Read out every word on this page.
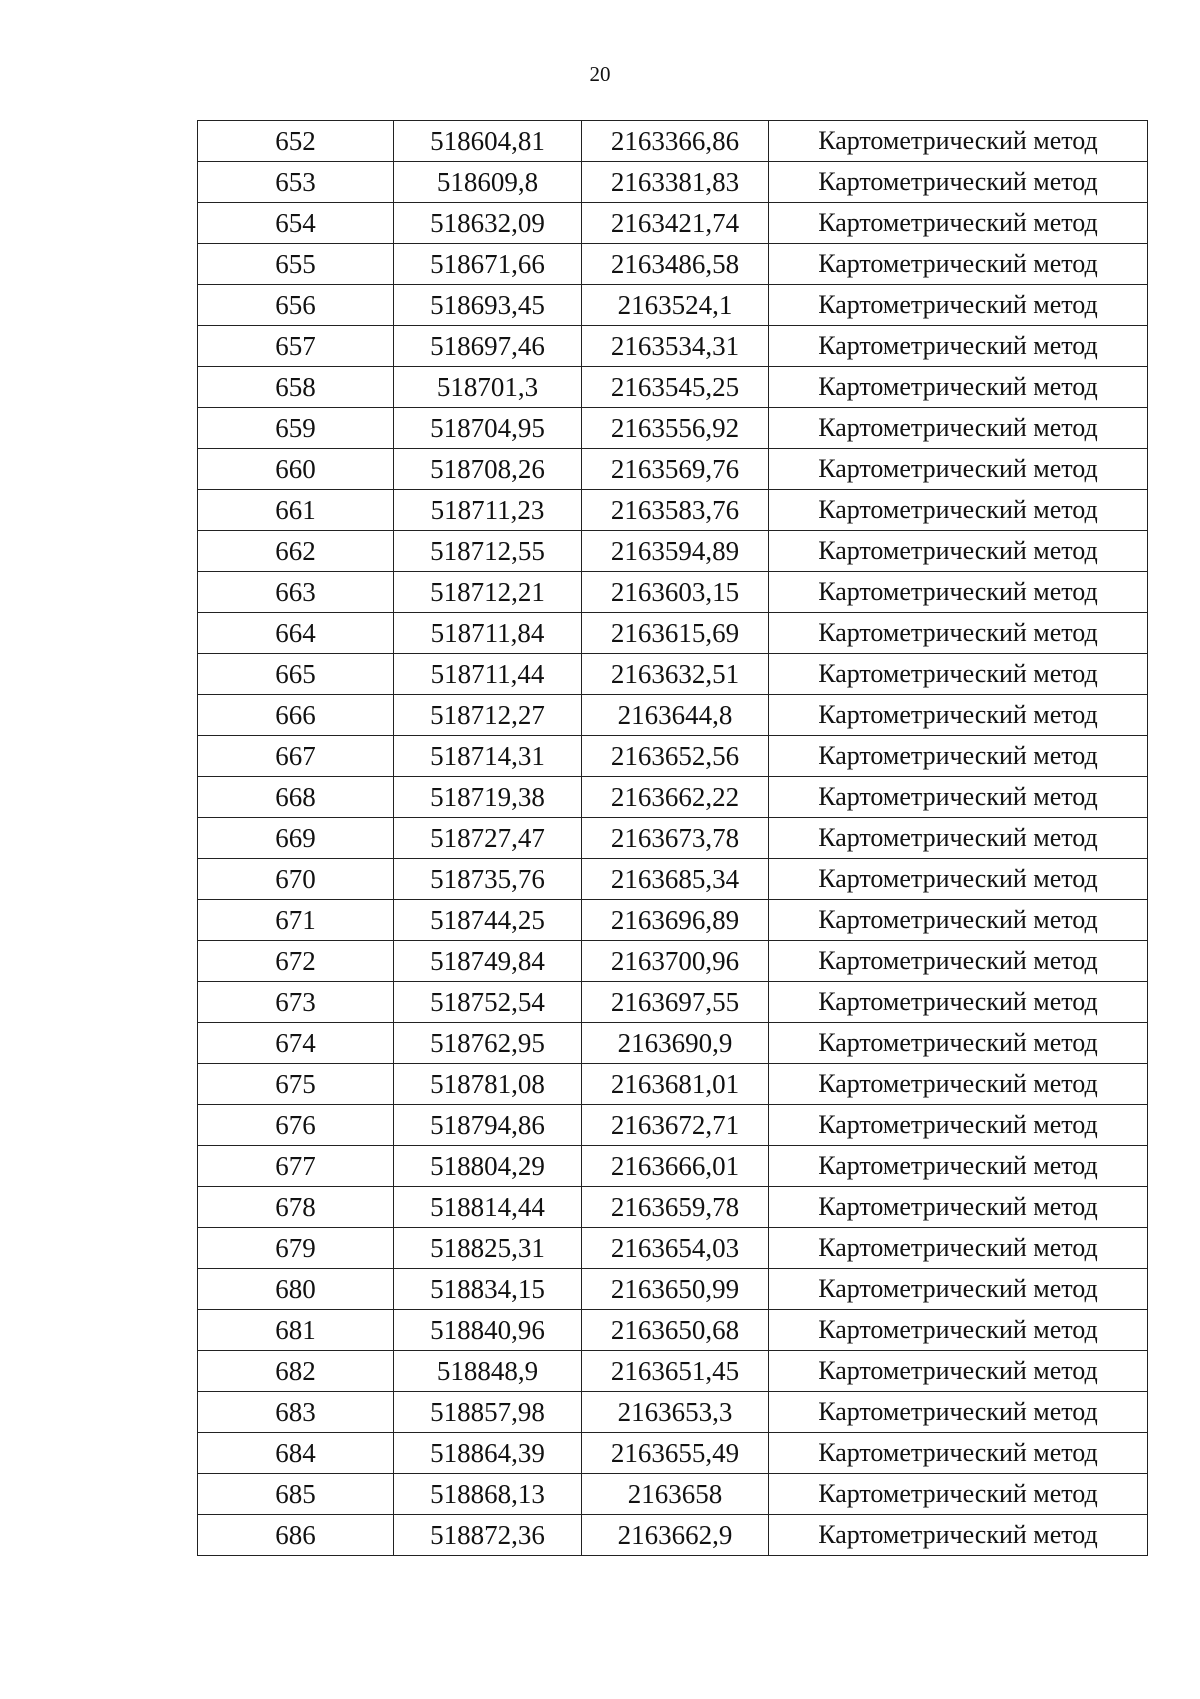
20
652	518604,81	2163366,86	Картометрический метод
653	518609,8	2163381,83	Картометрический метод
654	518632,09	2163421,74	Картометрический метод
655	518671,66	2163486,58	Картометрический метод
656	518693,45	2163524,1	Картометрический метод
657	518697,46	2163534,31	Картометрический метод
658	518701,3	2163545,25	Картометрический метод
659	518704,95	2163556,92	Картометрический метод
660	518708,26	2163569,76	Картометрический метод
661	518711,23	2163583,76	Картометрический метод
662	518712,55	2163594,89	Картометрический метод
663	518712,21	2163603,15	Картометрический метод
664	518711,84	2163615,69	Картометрический метод
665	518711,44	2163632,51	Картометрический метод
666	518712,27	2163644,8	Картометрический метод
667	518714,31	2163652,56	Картометрический метод
668	518719,38	2163662,22	Картометрический метод
669	518727,47	2163673,78	Картометрический метод
670	518735,76	2163685,34	Картометрический метод
671	518744,25	2163696,89	Картометрический метод
672	518749,84	2163700,96	Картометрический метод
673	518752,54	2163697,55	Картометрический метод
674	518762,95	2163690,9	Картометрический метод
675	518781,08	2163681,01	Картометрический метод
676	518794,86	2163672,71	Картометрический метод
677	518804,29	2163666,01	Картометрический метод
678	518814,44	2163659,78	Картометрический метод
679	518825,31	2163654,03	Картометрический метод
680	518834,15	2163650,99	Картометрический метод
681	518840,96	2163650,68	Картометрический метод
682	518848,9	2163651,45	Картометрический метод
683	518857,98	2163653,3	Картометрический метод
684	518864,39	2163655,49	Картометрический метод
685	518868,13	2163658	Картометрический метод
686	518872,36	2163662,9	Картометрический метод
